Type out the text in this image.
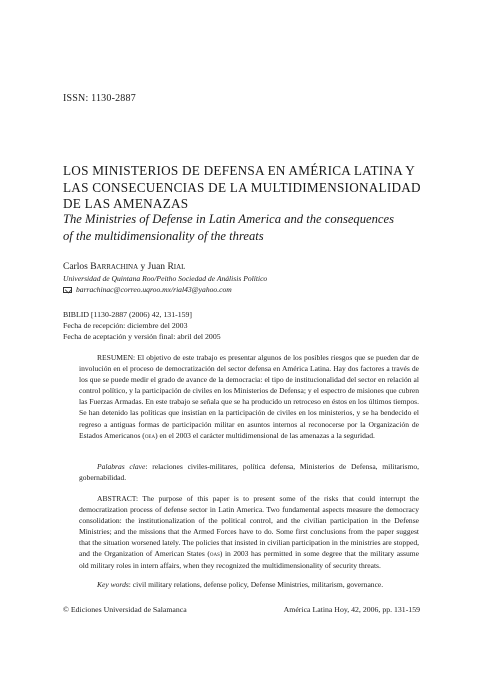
ISSN: 1130-2887
LOS MINISTERIOS DE DEFENSA EN AMÉRICA LATINA Y
LAS CONSECUENCIAS DE LA MULTIDIMENSIONALIDAD
DE LAS AMENAZAS
The Ministries of Defense in Latin America and the consequences
of the multidimensionality of the threats
Carlos Barrachina y Juan Rial
Universidad de Quintana Roo/Peitho Sociedad de Análisis Político
barrachinac@correo.uqroo.mx/rial43@yahoo.com
BIBLID [1130-2887 (2006) 42, 131-159]
Fecha de recepción: diciembre del 2003
Fecha de aceptación y versión final: abril del 2005
RESUMEN: El objetivo de este trabajo es presentar algunos de los posibles riesgos que se pueden dar de involución en el proceso de democratización del sector defensa en América Latina. Hay dos factores a través de los que se puede medir el grado de avance de la democracia: el tipo de institucionalidad del sector en relación al control político, y la participación de civiles en los Ministerios de Defensa; y el espectro de misiones que cubren las Fuerzas Armadas. En este trabajo se señala que se ha producido un retroceso en éstos en los últimos tiempos. Se han detenido las políticas que insistían en la participación de civiles en los ministerios, y se ha bendecido el regreso a antiguas formas de participación militar en asuntos internos al reconocerse por la Organización de Estados Americanos (oea) en el 2003 el carácter multidimensional de las amenazas a la seguridad.
Palabras clave: relaciones civiles-militares, política defensa, Ministerios de Defensa, militarismo, gobernabilidad.
ABSTRACT: The purpose of this paper is to present some of the risks that could interrupt the democratization process of defense sector in Latin America. Two fundamental aspects measure the democracy consolidation: the institutionalization of the political control, and the civilian participation in the Defense Ministries; and the missions that the Armed Forces have to do. Some first conclusions from the paper suggest that the situation worsened lately. The policies that insisted in civilian participation in the ministries are stopped, and the Organization of American States (oas) in 2003 has permitted in some degree that the military assume old military roles in intern affairs, when they recognized the multidimensionality of security threats.
Key words: civil military relations, defense policy, Defense Ministries, militarism, governance.
© Ediciones Universidad de Salamanca	América Latina Hoy, 42, 2006, pp. 131-159
